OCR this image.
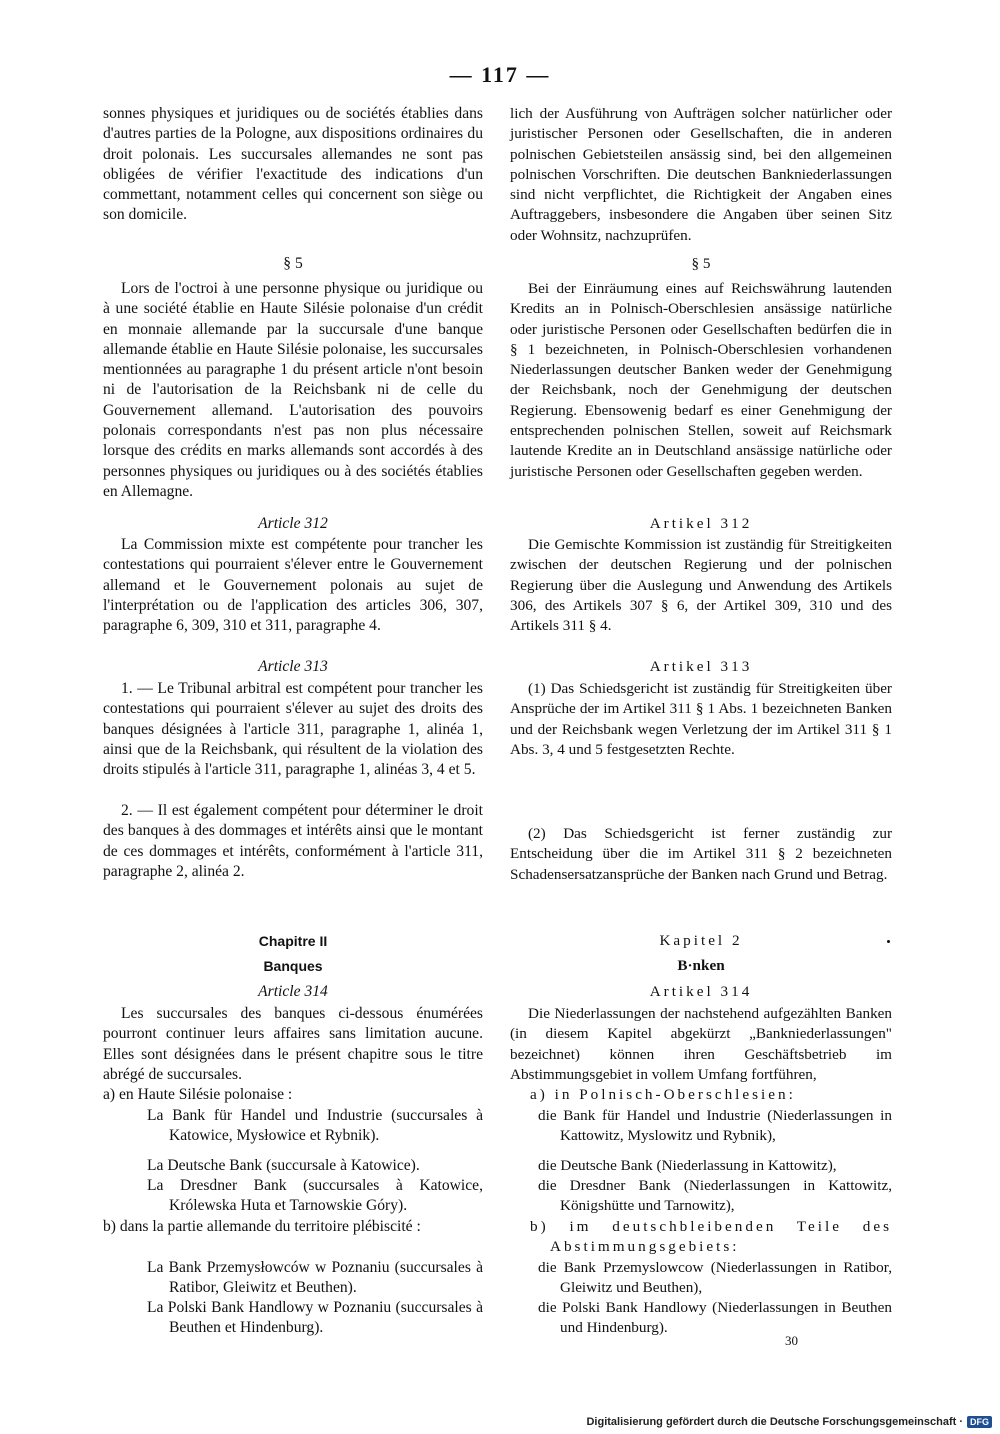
— 117 —

sonnes physiques et juridiques ou de sociétés établies dans d'autres parties de la Pologne, aux dispositions ordinaires du droit polonais. Les succursales allemandes ne sont pas obligées de vérifier l'exactitude des indications d'un commettant, notamment celles qui concernent son siège ou son domicile.

§ 5

Lors de l'octroi à une personne physique ou juridique ou à une société établie en Haute Silésie polonaise d'un crédit en monnaie allemande par la succursale d'une banque allemande établie en Haute Silésie polonaise, les succursales mentionnées au paragraphe 1 du présent article n'ont besoin ni de l'autorisation de la Reichsbank ni de celle du Gouvernement allemand. L'autorisation des pouvoirs polonais correspondants n'est pas non plus nécessaire lorsque des crédits en marks allemands sont accordés à des personnes physiques ou juridiques ou à des sociétés établies en Allemagne.

Article 312

La Commission mixte est compétente pour trancher les contestations qui pourraient s'élever entre le Gouvernement allemand et le Gouvernement polonais au sujet de l'interprétation ou de l'application des articles 306, 307, paragraphe 6, 309, 310 et 311, paragraphe 4.

Article 313

1. — Le Tribunal arbitral est compétent pour trancher les contestations qui pourraient s'élever au sujet des droits des banques désignées à l'article 311, paragraphe 1, alinéa 1, ainsi que de la Reichsbank, qui résultent de la violation des droits stipulés à l'article 311, paragraphe 1, alinéas 3, 4 et 5.

2. — Il est également compétent pour déterminer le droit des banques à des dommages et intérêts ainsi que le montant de ces dommages et intérêts, conformément à l'article 311, paragraphe 2, alinéa 2.

Chapitre II
Banques
Article 314

Les succursales des banques ci-dessous énumérées pourront continuer leurs affaires sans limitation aucune. Elles sont désignées dans le présent chapitre sous le titre abrégé de succursales.

a) en Haute Silésie polonaise :

La Bank für Handel und Industrie (succursales à Katowice, Mysłowice et Rybnik).

La Deutsche Bank (succursale à Katowice).

La Dresdner Bank (succursales à Katowice, Królewska Huta et Tarnowskie Góry).

b) dans la partie allemande du territoire plébiscité :

La Bank Przemysłowców w Poznaniu (succursales à Ratibor, Gleiwitz et Beuthen).

La Polski Bank Handlowy w Poznaniu (succursales à Beuthen et Hindenburg).

lich der Ausführung von Aufträgen solcher natürlicher oder juristischer Personen oder Gesellschaften, die in anderen polnischen Gebietsteilen ansässig sind, bei den allgemeinen polnischen Vorschriften. Die deutschen Bankniederlassungen sind nicht verpflichtet, die Richtigkeit der Angaben eines Auftraggebers, insbesondere die Angaben über seinen Sitz oder Wohnsitz, nachzuprüfen.

§ 5

Bei der Einräumung eines auf Reichswährung lautenden Kredits an in Polnisch-Oberschlesien ansässige natürliche oder juristische Personen oder Gesellschaften bedürfen die in § 1 bezeichneten, in Polnisch-Oberschlesien vorhandenen Niederlassungen deutscher Banken weder der Genehmigung der Reichsbank, noch der Genehmigung der deutschen Regierung. Ebensowenig bedarf es einer Genehmigung der entsprechenden polnischen Stellen, soweit auf Reichsmark lautende Kredite an in Deutschland ansässige natürliche oder juristische Personen oder Gesellschaften gegeben werden.

Artikel 312

Die Gemischte Kommission ist zuständig für Streitigkeiten zwischen der deutschen Regierung und der polnischen Regierung über die Auslegung und Anwendung des Artikels 306, des Artikels 307 § 6, der Artikel 309, 310 und des Artikels 311 § 4.

Artikel 313

(1) Das Schiedsgericht ist zuständig für Streitigkeiten über Ansprüche der im Artikel 311 § 1 Abs. 1 bezeichneten Banken und der Reichsbank wegen Verletzung der im Artikel 311 § 1 Abs. 3, 4 und 5 festgesetzten Rechte.

(2) Das Schiedsgericht ist ferner zuständig zur Entscheidung über die im Artikel 311 § 2 bezeichneten Schadensersatzansprüche der Banken nach Grund und Betrag.

Kapitel 2
B·nken
Artikel 314

Die Niederlassungen der nachstehend aufgezählten Banken (in diesem Kapitel abgekürzt „Bankniederlassungen" bezeichnet) können ihren Geschäftsbetrieb im Abstimmungsgebiet in vollem Umfang fortführen,

a) in Polnisch-Oberschlesien:

die Bank für Handel und Industrie (Niederlassungen in Kattowitz, Myslowitz und Rybnik),

die Deutsche Bank (Niederlassung in Kattowitz),

die Dresdner Bank (Niederlassungen in Kattowitz, Königshütte und Tarnowitz),

b) im deutschbleibenden Teile des Abstimmungsgebiets:

die Bank Przemyslowcow (Niederlassungen in Ratibor, Gleiwitz und Beuthen),

die Polski Bank Handlowy (Niederlassungen in Beuthen und Hindenburg).

30
Digitalisierung gefördert durch die Deutsche Forschungsgemeinschaft · DFG
